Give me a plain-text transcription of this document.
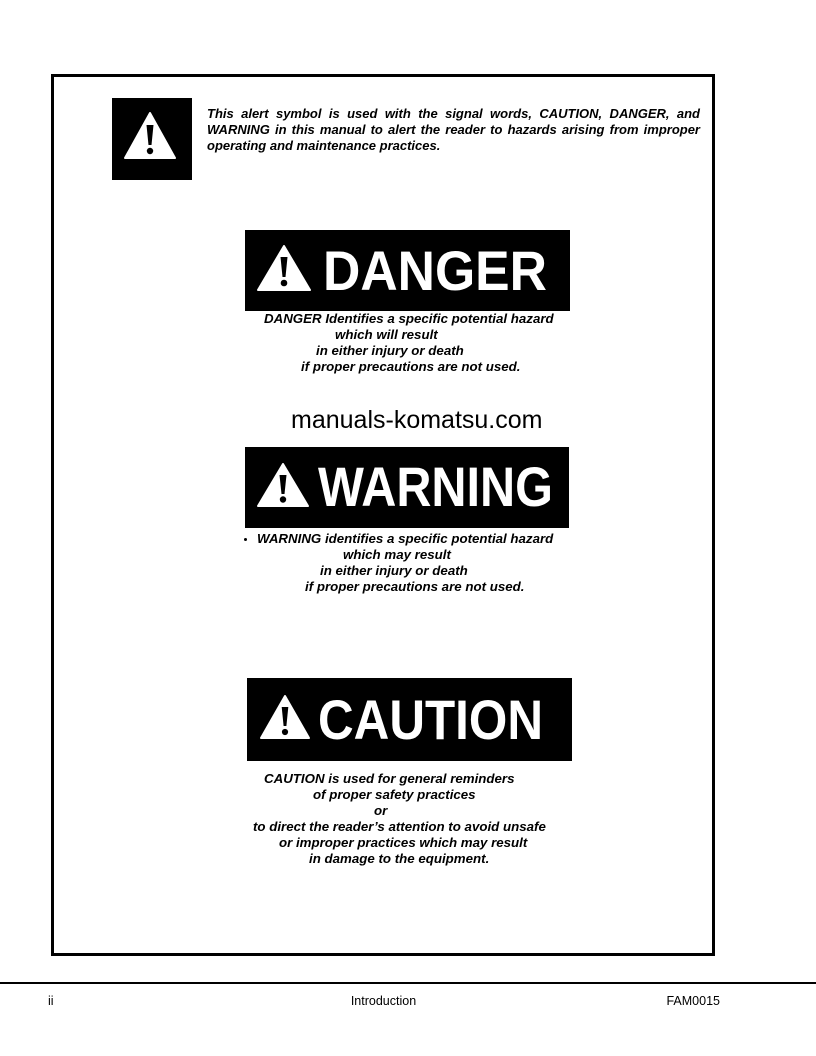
This alert symbol is used with the signal words, CAUTION, DANGER, and
WARNING in this manual to alert the reader to hazards arising from improper
operating and maintenance practices.
DANGER
DANGER Identifies a specific potential hazard
which will result
in either injury or death
if proper precautions are not used.
manuals-komatsu.com
WARNING
WARNING identifies a specific potential hazard
which may result
in either injury or death
if proper precautions are not used.
CAUTION
CAUTION is used for general reminders
of proper safety practices
or
to direct the reader’s attention to avoid unsafe
or improper practices which may result
in damage to the equipment.
ii	Introduction	FAM0015
